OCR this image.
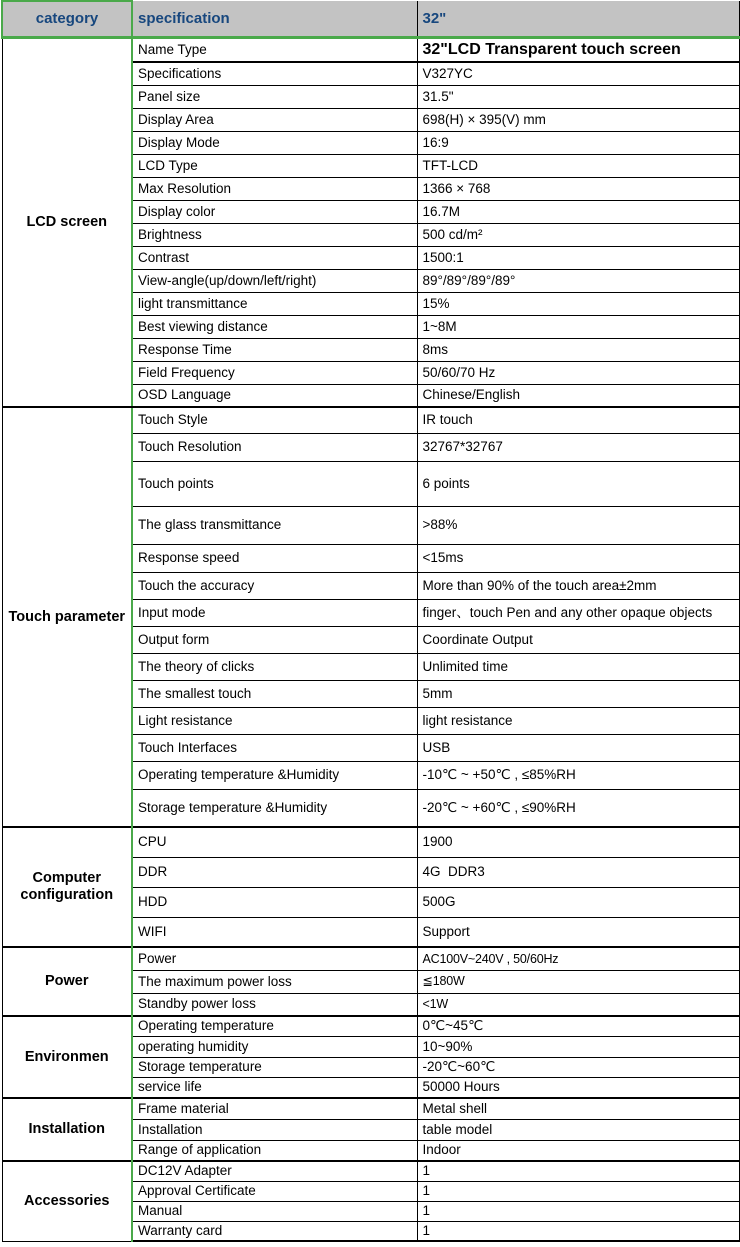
category	specification	32"
LCD screen	Name Type	32"LCD Transparent touch screen
	Specifications	V327YC
	Panel size	31.5"
	Display Area	698(H) × 395(V) mm
	Display Mode	16:9
	LCD Type	TFT-LCD
	Max Resolution	1366 × 768
	Display color	16.7M
	Brightness	500 cd/m²
	Contrast	1500:1
	View-angle(up/down/left/right)	89°/89°/89°/89°
	light transmittance	15%
	Best viewing distance	1~8M
	Response Time	8ms
	Field Frequency	50/60/70 Hz
	OSD Language	Chinese/English
Touch parameter	Touch Style	IR touch
	Touch Resolution	32767*32767
	Touch points	6 points
	The glass transmittance	>88%
	Response speed	<15ms
	Touch the accuracy	More than 90% of the touch area±2mm
	Input mode	finger、touch Pen and any other opaque objects
	Output form	Coordinate Output
	The theory of clicks	Unlimited time
	The smallest touch	5mm
	Light resistance	light resistance
	Touch Interfaces	USB
	Operating temperature &Humidity	-10℃ ~ +50℃ , ≤85%RH
	Storage temperature &Humidity	-20℃ ~ +60℃ , ≤90%RH
Computer configuration	CPU	1900
	DDR	4G  DDR3
	HDD	500G
	WIFI	Support
Power	Power	AC100V~240V , 50/60Hz
	The maximum power loss	≦180W
	Standby power loss	<1W
Environmen	Operating temperature	0℃~45℃
	operating humidity	10~90%
	Storage temperature	-20℃~60℃
	service life	50000 Hours
Installation	Frame material	Metal shell
	Installation	table model
	Range of application	Indoor
Accessories	DC12V Adapter	1
	Approval Certificate	1
	Manual	1
	Warranty card	1
